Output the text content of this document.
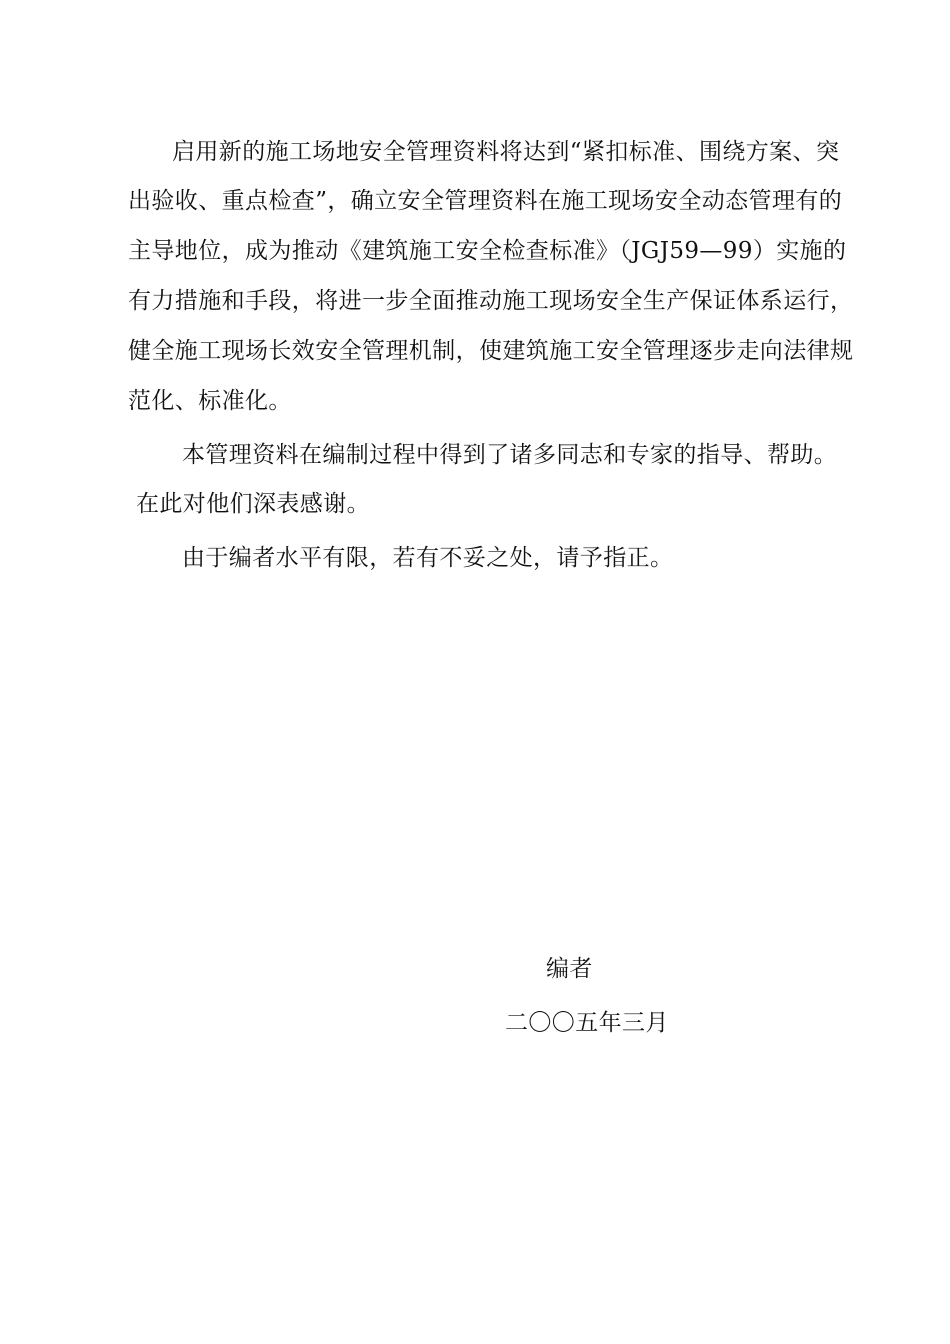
启用新的施工场地安全管理资料将达到“紧扣标准、围绕方案、突
出验收、重点检查”，确立安全管理资料在施工现场安全动态管理有的
主导地位，成为推动《建筑施工安全检查标准》（JGJ59—99）实施的
有力措施和手段，将进一步全面推动施工现场安全生产保证体系运行，
健全施工现场长效安全管理机制，使建筑施工安全管理逐步走向法律规
范化、标准化。
本管理资料在编制过程中得到了诸多同志和专家的指导、帮助。
在此对他们深表感谢。
由于编者水平有限，若有不妥之处，请予指正。
编者
二〇〇五年三月
